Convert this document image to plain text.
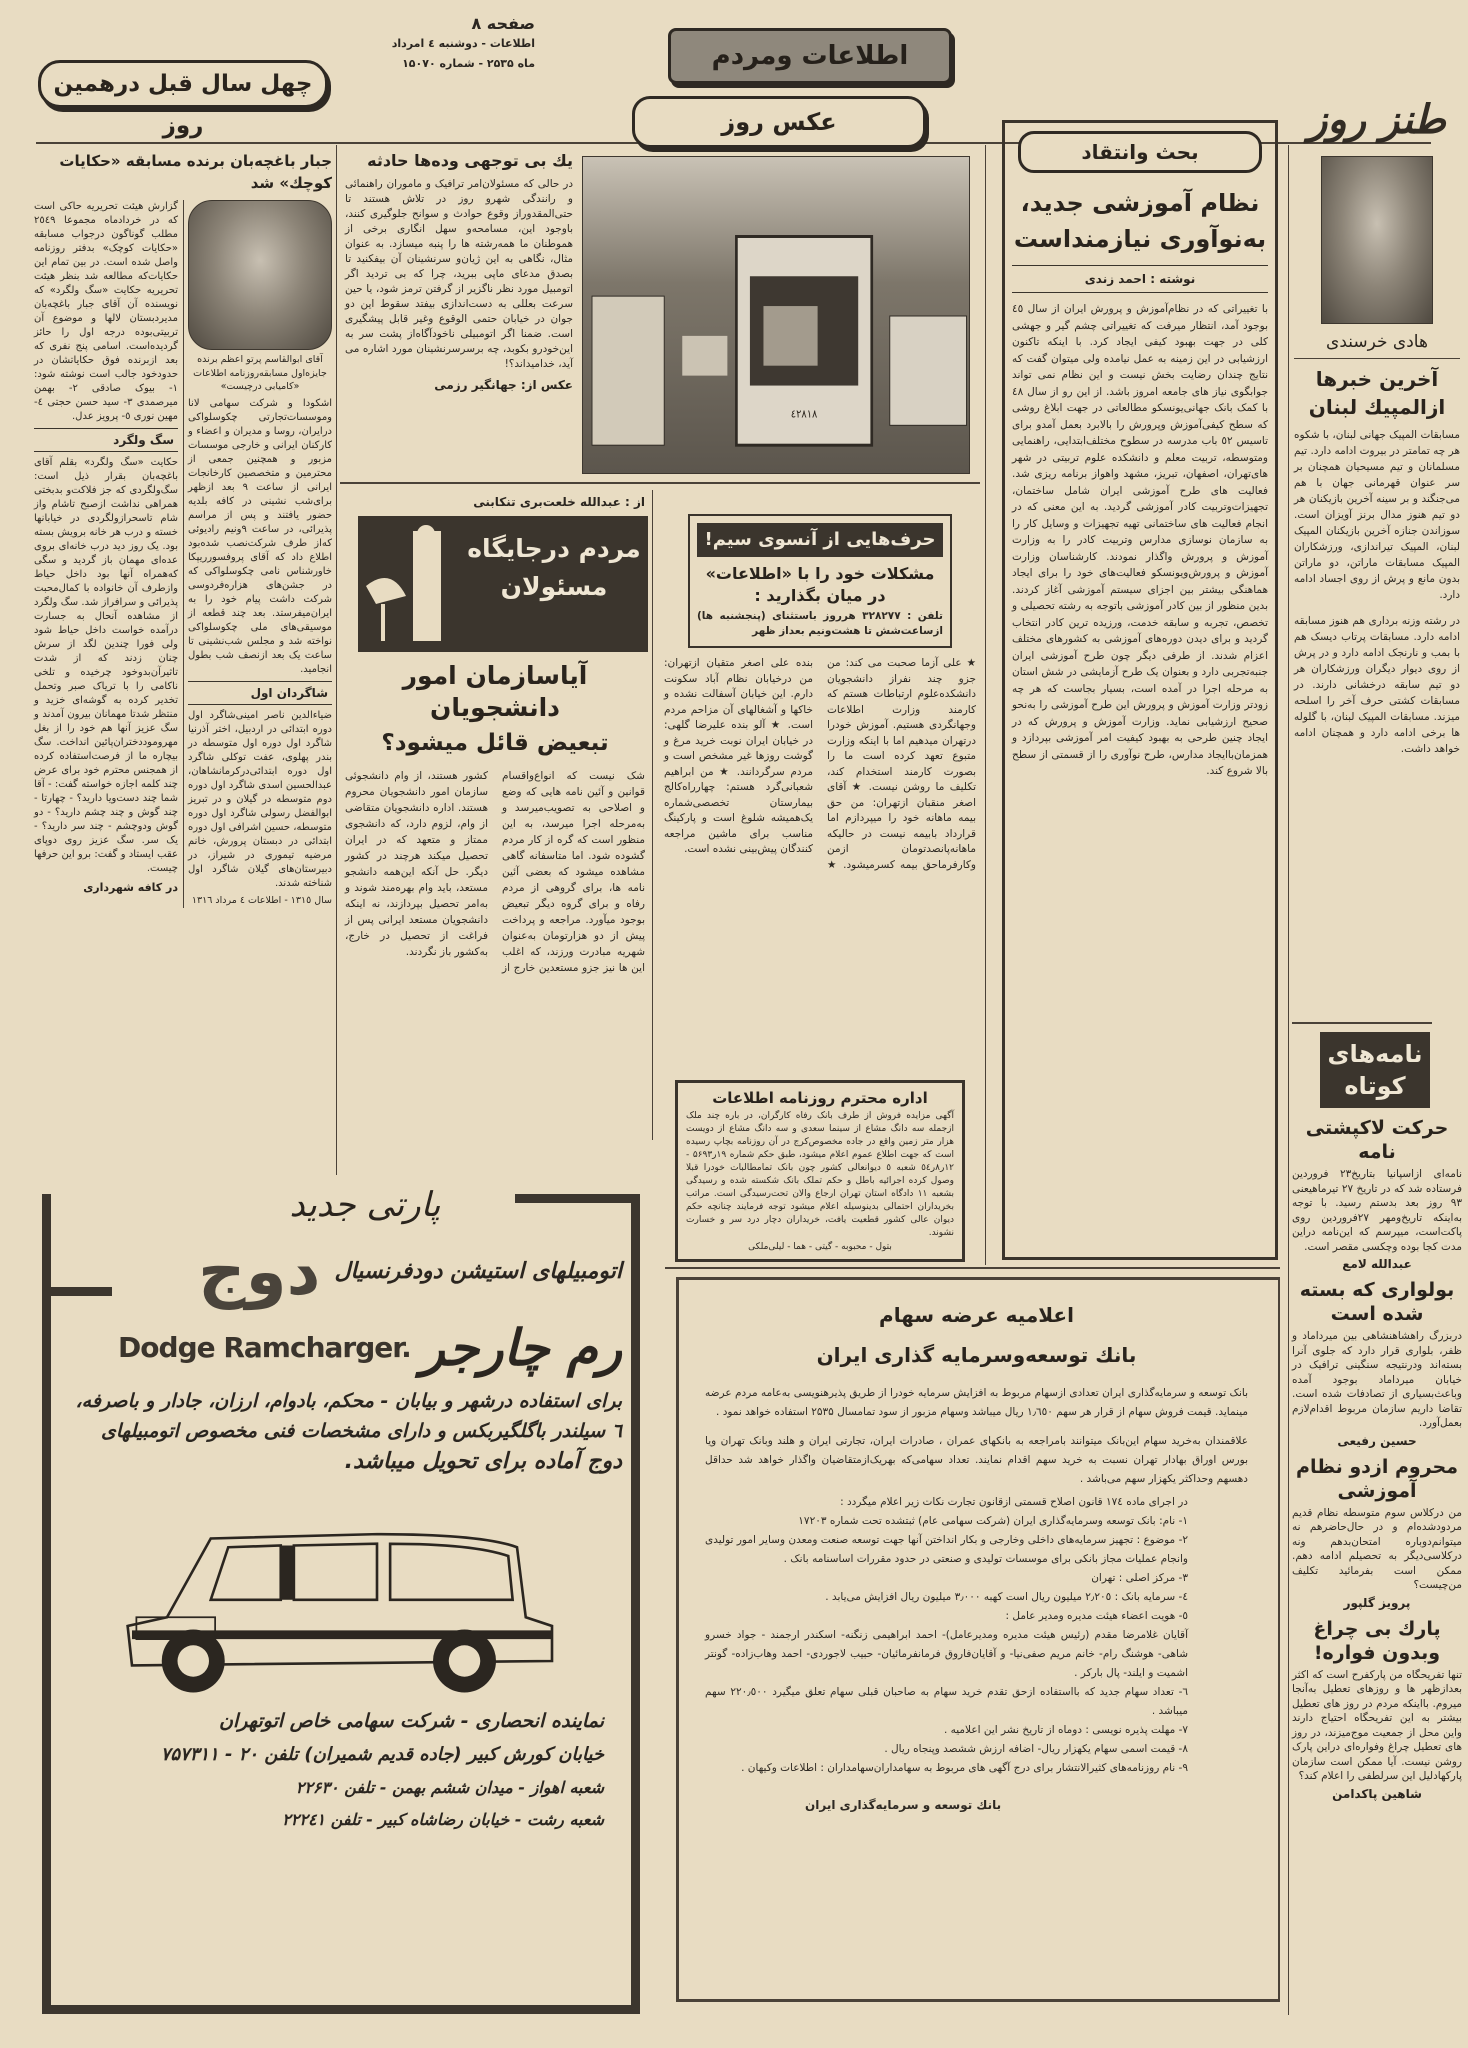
چهل سال قبل درهمین روز
صفحه ۸
اطلاعات - دوشنبه ٤ امرداد
ماه ۲۵۳۵ - شماره ۱۵۰۷۰	اطلاعات ومردم
طنز روز
هادی خرسندی
آخرین خبرها ازالمپیك لبنان
مسابقات المپیک جهانی لبنان، با شکوه هر چه تمامتر در بیروت ادامه دارد. تیم مسلمانان و تیم مسیحیان همچنان بر سر عنوان قهرمانی جهان با هم می‌جنگند و بر سینه آخرین بازیکنان هر دو تیم هنوز مدال برنز آویزان است. سوزاندن جنازه آخرین بازیکنان المپیک لبنان، المپیک تیراندازی، ورزشکاران المپیک مسابقات ماراتن، دو ماراتن بدون مانع و پرش از روی اجساد ادامه دارد.
در رشته وزنه برداری هم هنوز مسابقه ادامه دارد. مسابقات پرتاب دیسک هم با بمب و نارنجک ادامه دارد و در پرش از روی دیوار دیگران ورزشکاران هر دو تیم سابقه درخشانی دارند. در مسابقات کشتی حرف آخر را اسلحه میزند. مسابقات المپیک لبنان، با گلوله ها برخی ادامه دارد و همچنان ادامه خواهد داشت.
نامه‌های
کوتاه
حرکت لاکپشتی نامه
نامه‌ای ازاسپانیا بتاریخ۲۳ فروردین فرستاده شد که در تاریخ ۲۷ تیرماهیعنی ۹۳ روز بعد بدستم رسید. با توجه به‌اینکه تاریخ‌ومهر ۲۷فروردین روی پاکت‌است، میپرسم که این‌نامه دراین مدت کجا بوده وچکسی مقصر است.
عبدالله لامع
بولواری که بسته شده است
دربزرگ راهشاهنشاهی بین میرداماد و ظفر، بلواری قرار دارد که جلوی آنرا بسته‌اند ودرنتیجه سنگینی ترافیک در خیابان میرداماد بوجود آمده وباعث‌بسیاری از تصادفات شده است. تقاضا داریم سازمان مربوط اقدام‌لازم بعمل‌آورد.
حسین رفیعی
محروم ازدو نظام آموزشی
من درکلاس سوم متوسطه نظام قدیم مردودشده‌ام و در حال‌حاضرهم نه میتوانم‌دوباره امتحان‌بدهم ونه درکلاسی‌دیگر به تحصیلم ادامه دهم. ممکن است بفرمائید تکلیف من‌چیست؟
پرویز گلپور
پارك بی چراغ وبدون فواره!
تنها تفریحگاه من پارکفرح است که اکثر بعدازظهر ها و روزهای تعطیل به‌آنجا میروم. بااینکه مردم در روز های تعطیل بیشتر به این تفریحگاه احتیاج دارند واین محل از جمعیت موج‌میزند، در روز های تعطیل چراغ وفواره‌ای دراین پارک روشن نیست. آیا ممکن است سازمان پارکهادلیل این سرلطفی را اعلام کند؟
شاهین پاکدامن
بحث وانتقاد
نظام آموزشی جدید،
به‌نوآوری نیازمنداست
نوشته : احمد زندی
با تغییراتی که در نظام‌آموزش و پرورش ایران از سال ٤٥ بوجود آمد، انتظار میرفت که تغییراتی چشم گیر و جهشی کلی در جهت بهبود کیفی ایجاد کرد. با اینکه تاکنون ارزشیابی در این زمینه به عمل نیامده ولی میتوان گفت که نتایج چندان رضایت بخش نیست و این نظام نمی تواند جوابگوی نیاز های جامعه امروز باشد. از این رو از سال ٤٨ با کمک بانک جهانی‌یونسکو مطالعاتی در جهت ابلاغ روشی که سطح کیفی‌آموزش وپرورش را بالابرد بعمل آمدو برای تاسیس ٥٢ باب مدرسه در سطوح مختلف‌ابتدایی، راهنمایی ومتوسطه، تربیت معلم و دانشکده علوم تربیتی در شهر های‌تهران، اصفهان، تبریز، مشهد واهواز برنامه ریزی شد. فعالیت های طرح آموزشی ایران شامل ساختمان، تجهیزات‌وتربیت کادر آموزشی گردید. به این معنی که در انجام فعالیت های ساختمانی تهیه تجهیزات و وسایل کار را به سازمان نوسازی مدارس وتربیت کادر را به وزارت آموزش و پرورش واگذار نمودند. کارشناسان وزارت آموزش و پرورش‌ویونسکو فعالیت‌های خود را برای ایجاد هماهنگی بیشتر بین اجزای سیستم آموزشی آغاز کردند. بدین منظور از بین کادر آموزشی باتوجه به رشته تحصیلی و تخصص، تجربه و سابقه خدمت، ورزیده ترین کادر انتخاب گردید و برای دیدن دوره‌های آموزشی به کشورهای مختلف اعزام شدند. از طرفی دیگر چون طرح آموزشی ایران جنبه‌تجربی دارد و بعنوان یک طرح آزمایشی در شش استان به مرحله اجرا در آمده است، بسیار بجاست که هر چه زودتر وزارت آموزش و پرورش این طرح آموزشی را به‌نحو صحیح ارزشیابی نماید. وزارت آموزش و پرورش که در ایجاد چنین طرحی به بهبود کیفیت امر آموزشی بپردازد و همزمان‌باایجاد مدارس، طرح نوآوری را از قسمتی از سطح بالا شروع کند.
عکس روز
یك بی توجهی وده‌ها حادثه
در حالی که مسئولان‌امر ترافیک و ماموران راهنمائی و رانندگی شهرو روز در تلاش هستند تا حتی‌المقدوراز وقوع حوادث و سوانح جلوگیری کنند، باوجود این، مسامحه‌و سهل انگاری برخی از هموطنان ما همه‌رشته ها را پنبه میسازد. به عنوان مثال، نگاهی به این ژیان‌و سرنشینان آن بیفکنید تا بصدق مدعای ماپی ببرید، چرا که بی تردید اگر اتومبیل مورد نظر ناگزیر از گرفتن ترمز شود، یا حین سرعت بعللی به دست‌اندازی بیفتد سقوط این دو جوان در خیابان حتمی الوقوع وغیر قابل پیشگیری است. ضمنا اگر اتومبیلی ناخودآگاه‌از پشت سر به این‌خودرو بکوبد، چه برسرسرنشینان مورد اشاره می آید، خدامیداند؟!
عکس از: جهانگیر رزمی
٤٢٨١٨
از : عبدالله خلعت‌بری تنکابنی
مردم درجایگاه مسئولان
آیاسازمان امور دانشجویان
تبعیض قائل میشود؟
شک نیست که انواع‌واقسام قوانین و آئین نامه هایی که وضع و اصلاحی به تصویب‌میرسد و به‌مرحله اجرا میرسد، به این منظور است که گره از کار مردم گشوده شود. اما متاسفانه گاهی مشاهده میشود که بعضی آئین نامه ها، برای گروهی از مردم رفاه و برای گروه دیگر تبعیض بوجود میآورد. مراجعه و پرداخت پیش از دو هزارتومان به‌عنوان شهریه مبادرت ورزند، که‌ اغلب این ها نیز جزو مستعدین خارج از کشور هستند، از وام‌ دانشجوئی سازمان امور دانشجویان محروم هستند. اداره دانشجویان متقاضی از وام، لزوم دارد، که‌ دانشجوی ممتاز و متعهد که در ایران تحصیل میکند هرچند در کشور دیگر. حل آنکه این‌همه دانشجو مستعد، باید وام بهره‌مند شوند و به‌امر تحصیل بپردازند، نه اینکه دانشجویان مستعد ایرانی پس از فراغت از تحصیل در خارج، به‌کشور باز نگردند.
حرف‌هایی از آنسوی سیم!
مشکلات خود را با «اطلاعات»
در میان بگذارید :
تلفن : ۳۲۸۲۷۷ هرروز باستثنای (پنجشنبه ها) ازساعت‌شش تا هشت‌ونیم بعداز ظهر
★ علی آزما صحبت می کند: من جزو چند نفراز دانشجویان دانشکده‌علوم ارتباطات هستم که کارمند وزارت اطلاعات وجهانگردی هستیم. آموزش خودرا درتهران میدهیم اما با اینکه وزارت متبوع تعهد کرده است ما را بصورت کارمند استخدام کند، تکلیف ما روشن نیست. ★ آقای اصغر منقبان ازتهران: من حق بیمه ماهانه خود را میپردازم اما قرارداد بابیمه نیست در حالیکه ماهانه‌پانصدتومان ازمن وکارفرماحق بیمه کسرمیشود. ★ بنده علی اصغر متقیان ازتهران: من درخیابان نظام آباد سکونت دارم. این خیابان آسفالت نشده و خاکها و آشغالهای آن مزاحم مردم است. ★ آلو بنده علیرضا گلهی: در خیابان ایران نوبت خرید مرغ و گوشت روزها غیر مشخص است و مردم سرگردانند. ★ من ابراهیم شعبانی‌گرد هستم: چهارراه‌کالج بیمارستان تخصصی‌شماره یک‌همیشه شلوغ است و پارکینگ مناسب برای ماشین مراجعه کنندگان پیش‌بینی نشده است.
اداره محترم روزنامه اطلاعات
آگهی مزایده فروش از طرف بانک رفاه کارگران، در باره چند ملک ازجمله سه دانگ مشاع از سینما سعدی و سه دانگ مشاع از دویست هزار متر زمین واقع در جاده مخصوص‌کرج در آن روزنامه بچاپ رسیده است که جهت اطلاع عموم اعلام میشود، طبق حکم شماره ۱۹ر۵۶۹۳ - ۱۲ر۸ر٥٤ شعبه ٥ دیوانعالی کشور چون بانک تمامطالبات خودرا قبلا وصول کرده اجرائیه باطل و حکم تملک بانک شکسته شده و رسیدگی بشعبه ۱۱ دادگاه استان تهران ارجاع والان تحت‌رسیدگی است. مراتب بخریداران احتمالی بدینوسیله اعلام میشود توجه فرمایند چنانچه حکم دیوان عالی کشور قطعیت یافت، خریداران دچار درد سر و خسارت نشوند.
بتول - محبوبه - گیتی - هما - لیلی‌ملکی
جبار باغچه‌بان برنده مسابقه «حکایات کوچك» شد
گزارش هیئت تحریریه حاکی است که در خردادماه مجموعا ۲٥٤٩ مطلب گوناگون درجواب مسابقه «حکایات کوچک» بدفتر روزنامه واصل شده است. در بین تمام این حکایات‌که مطالعه شد بنظر هیئت تحریریه حکایت «سگ ولگرد» که نویسنده آن آقای جبار باغچه‌بان مدیردبستان لالها و موضوع آن تربیتی‌بوده درجه اول را حائز گردیده‌است. اسامی پنج نفری که بعد ازبرنده فوق حکایاتشان در حدودخود جالب است نوشته شود: ١- بیوک صادقی ۲- بهمن میرصمدی ۳- سید حسن حجتی ٤- مهین نوری ٥- پرویز عدل.
سگ ولگرد
حکایت «سگ ولگرد» بقلم آقای باغچه‌بان بقرار ذیل است: سگ‌ولگردی که جز فلاکت‌و بدبختی همراهی نداشت ازصبح تاشام واز شام تاسحرازولگردی در خیابانها خسته و درب هر خانه برویش بسته بود. یک روز دید درب خانه‌ای بروی عده‌ای مهمان باز گردید و سگی که‌همراه آنها بود داخل حیاط وازطرف آن خانواده با کمال‌محبت پذیرائی و سرافراز شد. سگ ولگرد از مشاهده آنحال به جسارت درآمده خواست داخل حیاط شود ولی فورا چندین لگد از سرش چنان زدند که از شدت تاثیرآن‌بدوخود چرخیده و تلخی ناکامی را با تریاک صبر وتحمل تخدیر کرده به گوشه‌ای خزید و منتظر شدتا مهمانان بیرون آمدند و سگ عزیز آنها هم خود را از بغل مهروموددختران‌پائین انداخت. سگ بیچاره ما از فرصت‌استفاده کرده از همجنس محترم خود برای عرض چند کلمه اجازه خواسته گفت: - آقا شما چند دست‌ویا دارید؟ - چهارتا - چند گوش و چند چشم دارید؟ - دو گوش ودوچشم - چند سر دارید؟ - یک سر. سگ عزیز روی دوپای عقب ایستاد و گفت: برو این حرفها چیست.
در کافه شهرداری
آقای ابوالقاسم پرتو اعظم برنده جایزه‌اول مسابقه‌روزنامه اطلاعات «کامیابی درچیست»
اشکودا و شرکت سهامی لانا وموسسات‌تجارتی چکوسلواکی درایران، روسا و مدیران و اعضاء و کارکنان ایرانی و خارجی موسسات مزبور و همچنین جمعی از محترمین و متخصصین کارخانجات ایرانی از ساعت ۹ بعد ازظهر برای‌شب نشینی در کافه بلدیه حضور یافتند و پس از مراسم پذیرائی، در ساعت ۹ونیم رادیوئی که‌از طرف شرکت‌نصب شده‌بود اطلاع داد که آقای پروفسور‌ریپکا خاورشناس نامی چکوسلواکی که در جشن‌های هزاره‌فردوسی شرکت داشت پیام خود را به ایران‌میفرستد. بعد چند قطعه از موسیقی‌های ملی چکوسلواکی نواخته شد و مجلس شب‌نشینی تا ساعت یک بعد ازنصف شب بطول انجامید.
شاگردان اول
ضیاءالدین ناصر امینی‌شاگرد اول دوره ابتدائی در اردبیل، اختر آذرنیا شاگرد اول دوره اول متوسطه در بندر پهلوی، عفت توکلی شاگرد اول دوره ابتدائی‌درکرمانشاهان، عبدالحسین اسدی شاگرد اول دوره دوم متوسطه در گیلان و در تبریز ابوالفضل رسولی شاگرد اول دوره متوسطه، حسین اشرافی اول دوره ابتدائی در دبستان پرورش، خانم مرضیه تیموری در شیراز، در دبیرستان‌های گیلان شاگرد اول شناخته شدند.
سال ۱۳۱٥ - اطلاعات ٤ مرداد ۱۳۱٦
پارتی جدید
اتومبیلهای استیشن دودفرنسیال
دوج
رم چارجر
Dodge Ramcharger.
برای استفاده درشهر و بیابان - محکم، بادوام، ارزان، جادار و باصرفه،
٦ سیلندر باگلگیربکس و دارای مشخصات فنی مخصوص اتومبیلهای
دوج آماده برای تحویل میباشد.
نماینده انحصاری - شرکت سهامی خاص اتوتهران
خیابان کورش کبیر (جاده قدیم شمیران) تلفن ۲۰ - ۷۵۷۳۱۱
شعبه اهواز - میدان ششم بهمن - تلفن ۲۲۶۳۰
شعبه رشت - خیابان رضاشاه کبیر - تلفن ۲۲۲٤۱
اعلامیه عرضه سهام
بانك توسعه‌وسرمایه گذاری ایران
بانک توسعه و سرمایه‌گذاری ایران تعدادی ازسهام مربوط به افزایش سرمایه خودرا از طریق پذیرهنویسی به‌عامه مردم عرضه مینماید. قیمت فروش سهام از قرار هر سهم ۱٫٦٥٠ ریال میباشد وسهام مزبور از سود تمامسال ۲۵۳۵ استفاده خواهد نمود .
علاقمندان به‌خرید سهام این‌بانک میتوانند بامراجعه به بانکهای عمران ، صادرات ایران، تجارتی ایران و هلند وبانک تهران ویا بورس اوراق بهادار تهران نسبت به خرید سهم اقدام نمایند. تعداد سهامی‌که بهریک‌ازمتقاضیان واگذار خواهد شد حداقل دهسهم وحداکثر یکهزار سهم می‌باشد .
در اجرای ماده ۱۷٤ قانون اصلاح قسمتی ازقانون تجارت نکات زیر اعلام میگردد :
۱- نام: بانک توسعه وسرمایه‌گذاری ایران (شرکت سهامی عام) ثبتشده تحت شماره ۱۷۲۰۳
۲- موضوع : تجهیز سرمایه‌های داخلی وخارجی و بکار انداختن آنها جهت توسعه صنعت ومعدن وسایر امور تولیدی وانجام عملیات مجاز بانکی برای موسسات تولیدی و صنعتی در حدود مقررات اساسنامه بانک .
۳- مرکز اصلی : تهران
٤- سرمایه بانک : ۲٫۲۰٥ میلیون ریال است کهبه ۳٫۰۰۰ میلیون ریال افزایش می‌یابد .
٥- هویت اعضاء هیئت مدیره ومدیر عامل :
آقایان غلامرضا مقدم (رئیس هیئت مدیره ومدیرعامل)- احمد ابراهیمی زنگنه- اسکندر ارجمند - جواد خسرو شاهی- هوشنگ رام- خانم مریم صفی‌نیا- و آقایان‌فاروق فرمانفرمائیان- حبیب لاجوردی- احمد وهاب‌زاده- گونتر اشمیت و ایلند- پال بارکر .
٦- تعداد سهام جدید که بااستفاده ازحق تقدم خرید سهام به صاحبان قبلی سهام تعلق میگیرد ۲۲۰٫٥۰۰ سهم میباشد .
۷- مهلت پذیره نویسی : دوماه از تاریخ نشر این اعلامیه .
۸- قیمت اسمی سهام یکهزار ریال- اضافه ارزش ششصد وپنجاه ریال .
۹- نام روزنامه‌های کثیرالانتشار برای درج آگهی های مربوط به سهامداران‌سهامداران : اطلاعات وکیهان .
بانك توسعه و سرمایه‌گذاری ایران
